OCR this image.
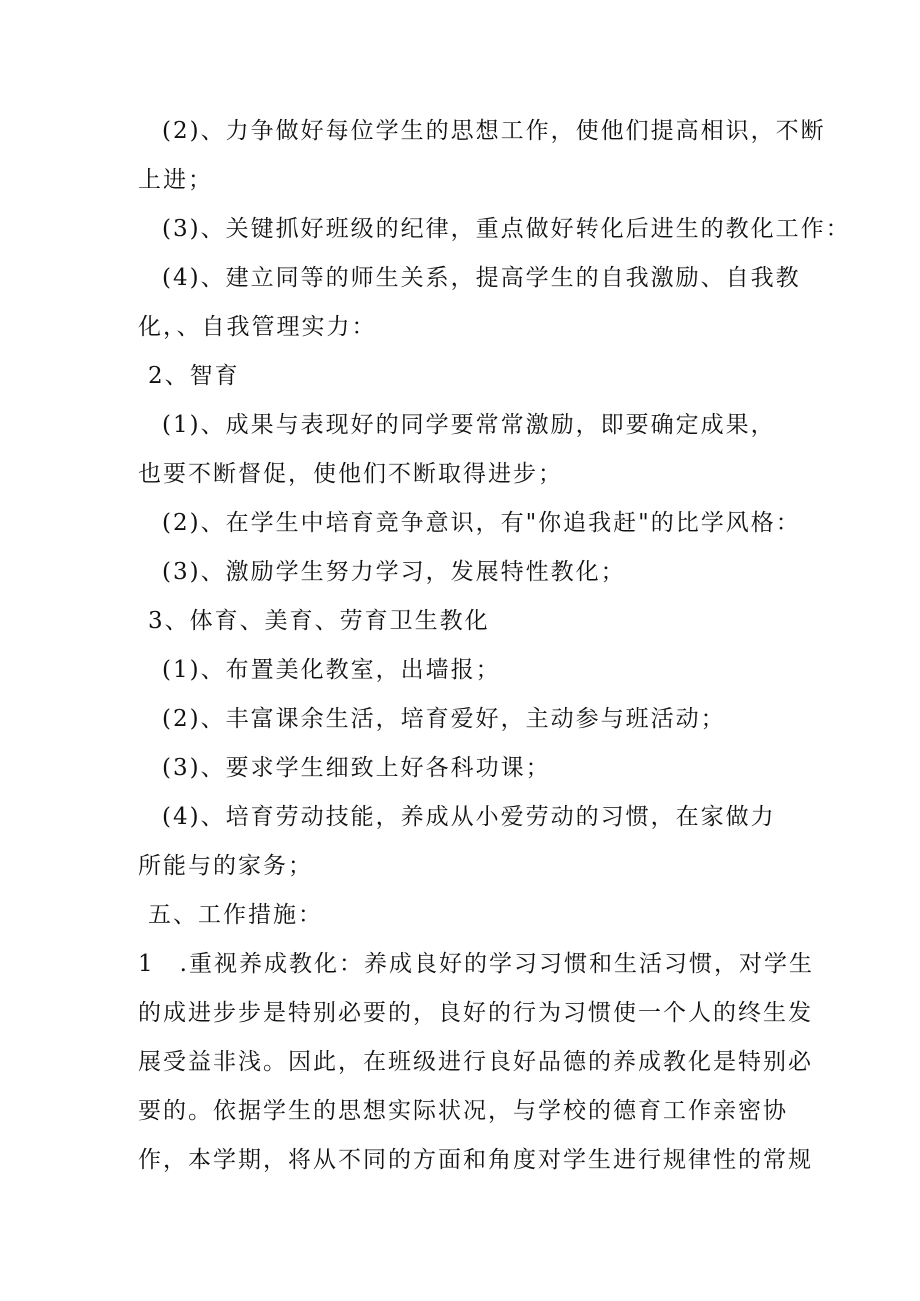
(2)、力争做好每位学生的思想工作，使他们提高相识，不断
上进；
(3)、关键抓好班级的纪律，重点做好转化后进生的教化工作：
(4)、建立同等的师生关系，提高学生的自我激励、自我教
化，、自我管理实力：
2、智育
(1)、成果与表现好的同学要常常激励，即要确定成果，
也要不断督促，使他们不断取得进步；
(2)、在学生中培育竞争意识，有"你追我赶"的比学风格：
(3)、激励学生努力学习，发展特性教化；
3、体育、美育、劳育卫生教化
(1)、布置美化教室，出墙报；
(2)、丰富课余生活，培育爱好，主动参与班活动；
(3)、要求学生细致上好各科功课；
(4)、培育劳动技能，养成从小爱劳动的习惯，在家做力
所能与的家务；
五、工作措施：
1　.重视养成教化：养成良好的学习习惯和生活习惯，对学生
的成进步步是特别必要的，良好的行为习惯使一个人的终生发
展受益非浅。因此，在班级进行良好品德的养成教化是特别必
要的。依据学生的思想实际状况，与学校的德育工作亲密协
作，本学期，将从不同的方面和角度对学生进行规律性的常规
